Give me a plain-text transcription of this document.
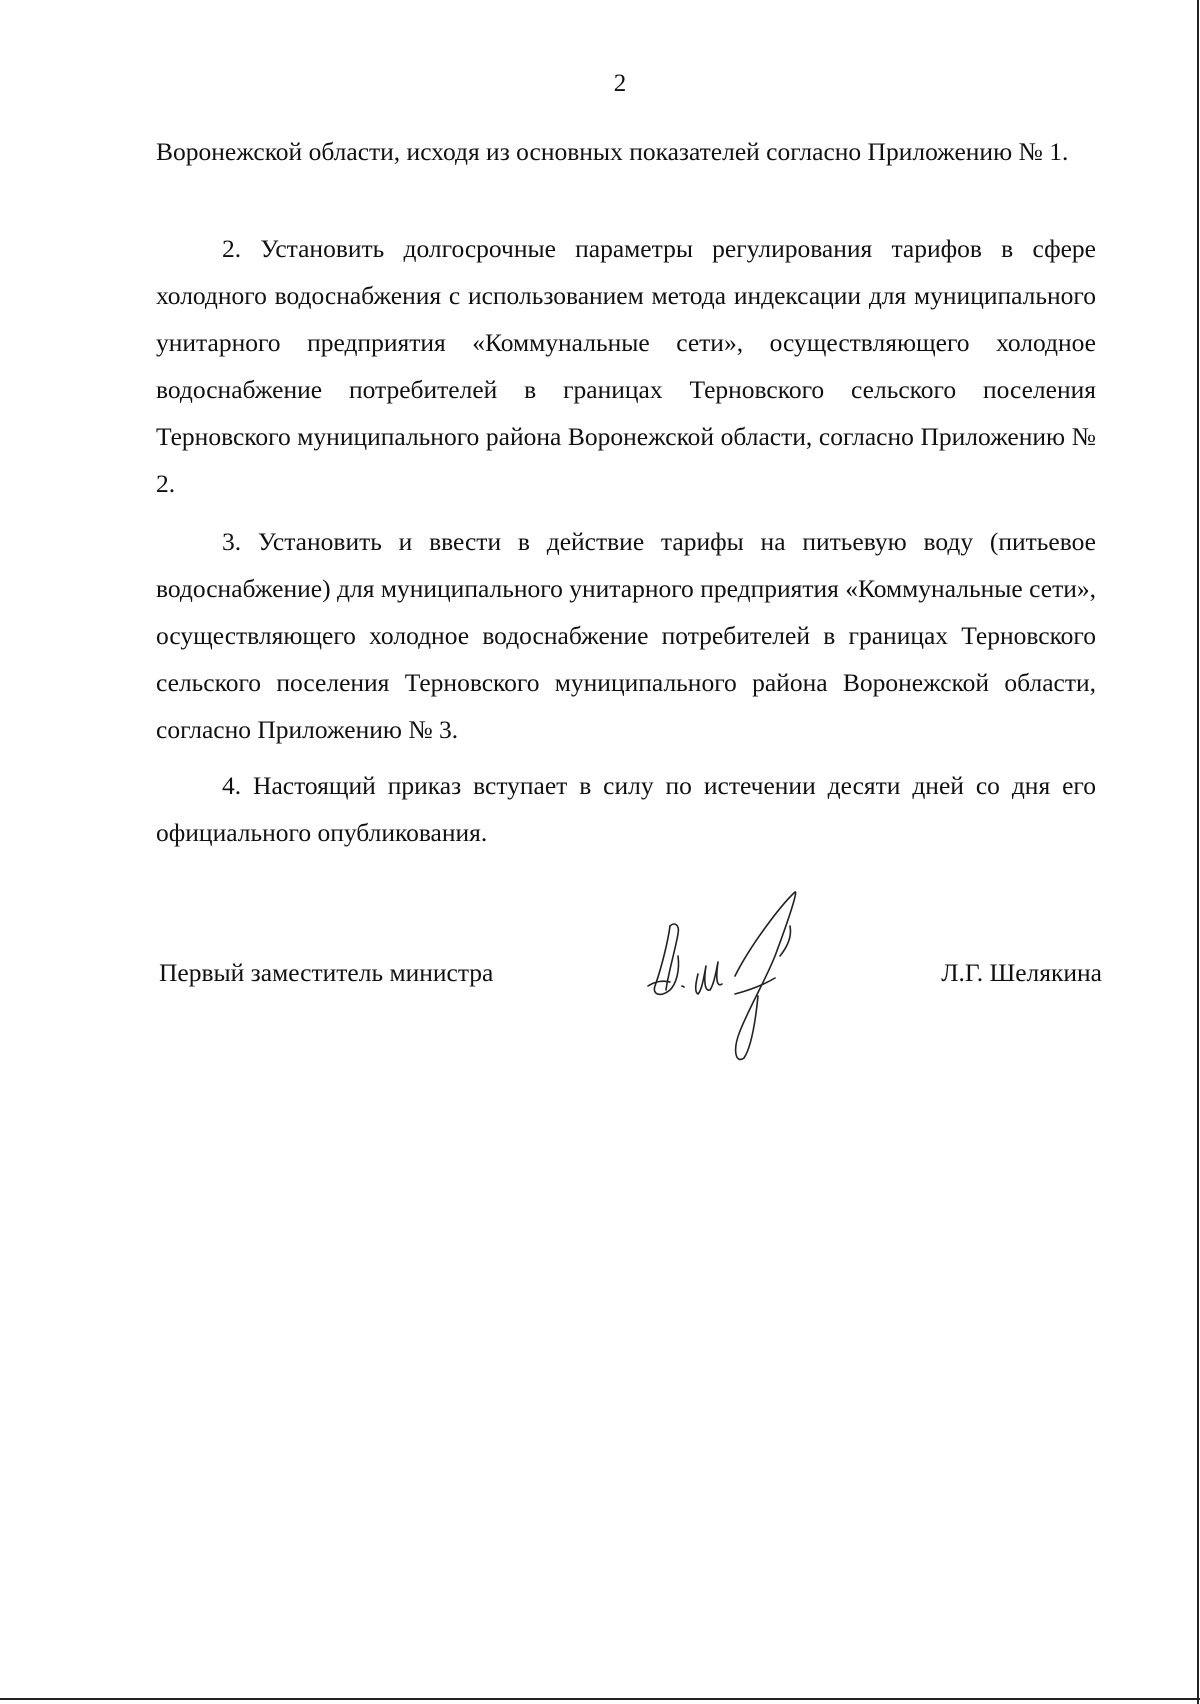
2

Воронежской области, исходя из основных показателей согласно Приложению № 1.

2. Установить долгосрочные параметры регулирования тарифов в сфере холодного водоснабжения с использованием метода индексации для муниципального унитарного предприятия «Коммунальные сети», осуществляющего холодное водоснабжение потребителей в границах Терновского сельского поселения Терновского муниципального района Воронежской области, согласно Приложению № 2.

3. Установить и ввести в действие тарифы на питьевую воду (питьевое водоснабжение) для муниципального унитарного предприятия «Коммунальные сети», осуществляющего холодное водоснабжение потребителей в границах Терновского сельского поселения Терновского муниципального района Воронежской области, согласно Приложению № 3.

4. Настоящий приказ вступает в силу по истечении десяти дней со дня его официального опубликования.

Первый заместитель министра	Л.Г. Шелякина
